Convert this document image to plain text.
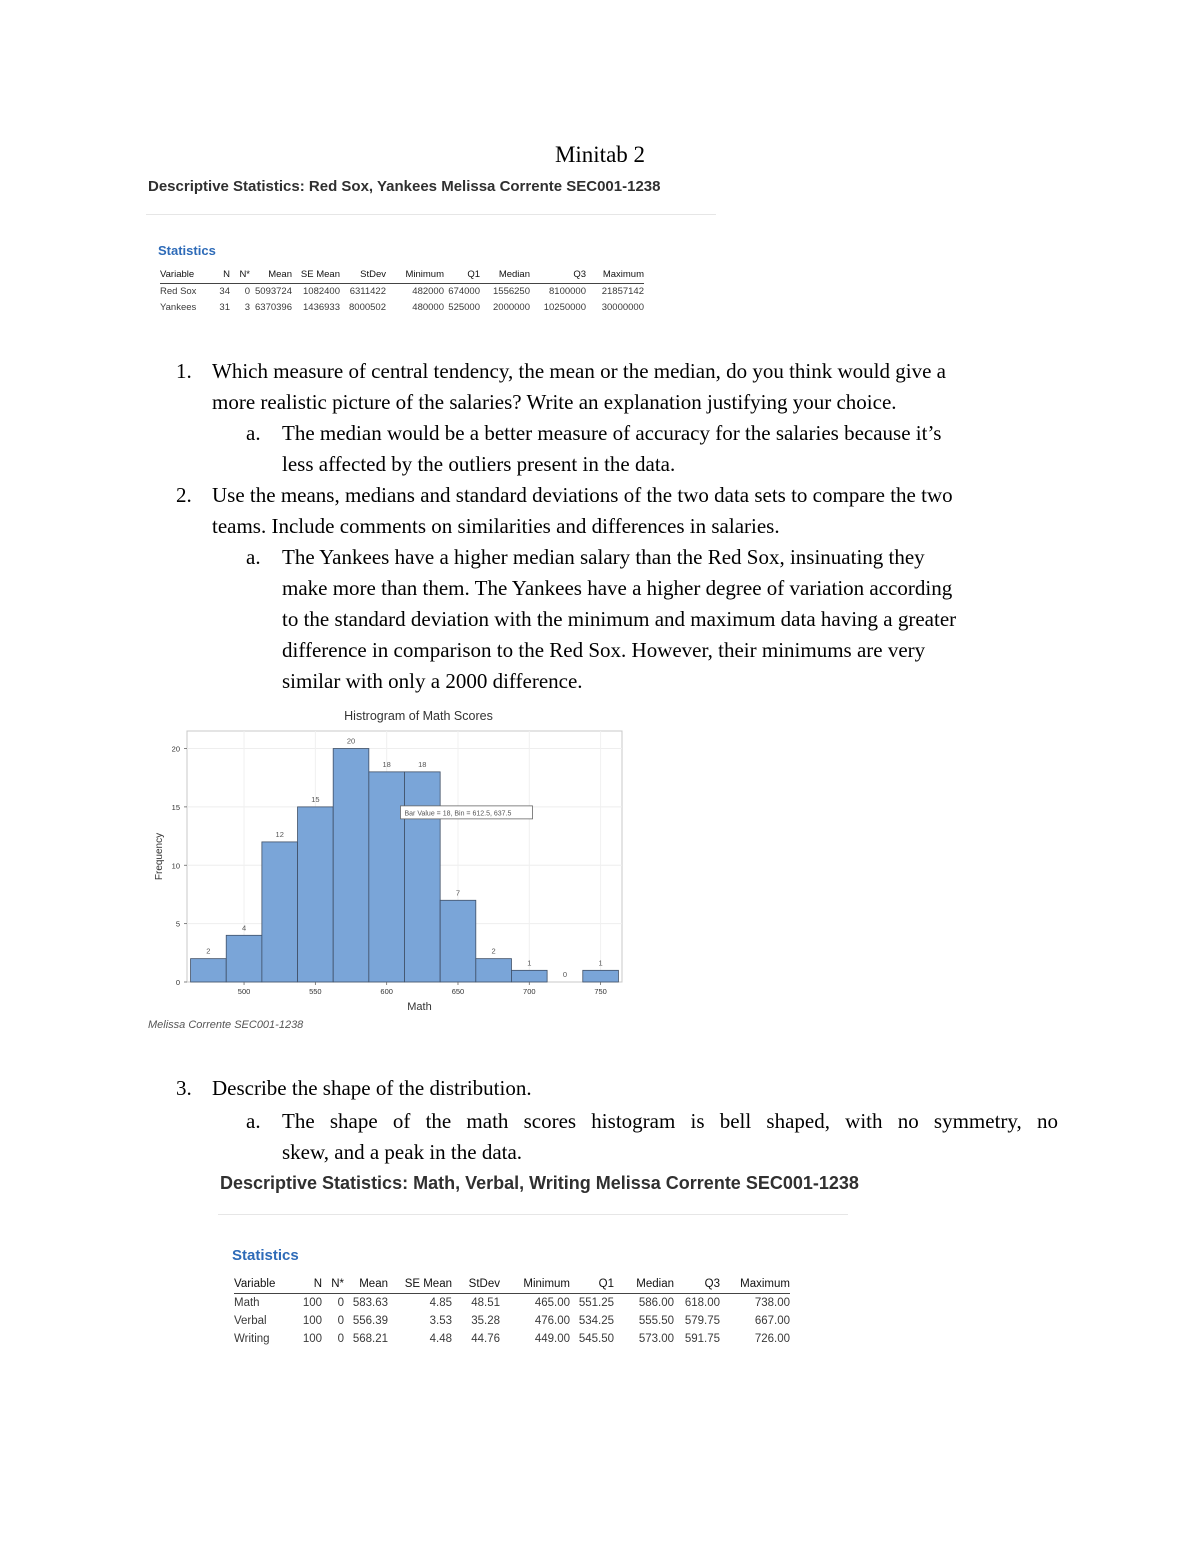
Minitab 2
Descriptive Statistics: Red Sox, Yankees Melissa Corrente SEC001-1238
Statistics
Variable	N	N*	Mean	SE Mean	StDev	Minimum	Q1	Median	Q3	Maximum
Red Sox	34	0	5093724	1082400	6311422	482000	674000	1556250	8100000	21857142
Yankees	31	3	6370396	1436933	8000502	480000	525000	2000000	10250000	30000000
1. Which measure of central tendency, the mean or the median, do you think would give a
more realistic picture of the salaries? Write an explanation justifying your choice.
a. The median would be a better measure of accuracy for the salaries because it’s
less affected by the outliers present in the data.
2. Use the means, medians and standard deviations of the two data sets to compare the two
teams. Include comments on similarities and differences in salaries.
a. The Yankees have a higher median salary than the Red Sox, insinuating they
make more than them. The Yankees have a higher degree of variation according
to the standard deviation with the minimum and maximum data having a greater
difference in comparison to the Red Sox. However, their minimums are very
similar with only a 2000 difference.
Histrogram of Math Scores
2
4
12
15
20
18	18
7
2
1
0
1
0
5
10
15
20
500	550	600	650	700	750
Math
Frequency
Bar Value = 18, Bin = 612.5, 637.5
Melissa Corrente SEC001-1238
3. Describe the shape of the distribution.
a. The shape of the math scores histogram is bell shaped, with no symmetry, no
skew, and a peak in the data.
Descriptive Statistics: Math, Verbal, Writing Melissa Corrente SEC001-1238
Statistics
Variable	N	N*	Mean	SE Mean	StDev	Minimum	Q1	Median	Q3	Maximum
Math	100	0	583.63	4.85	48.51	465.00	551.25	586.00	618.00	738.00
Verbal	100	0	556.39	3.53	35.28	476.00	534.25	555.50	579.75	667.00
Writing	100	0	568.21	4.48	44.76	449.00	545.50	573.00	591.75	726.00
